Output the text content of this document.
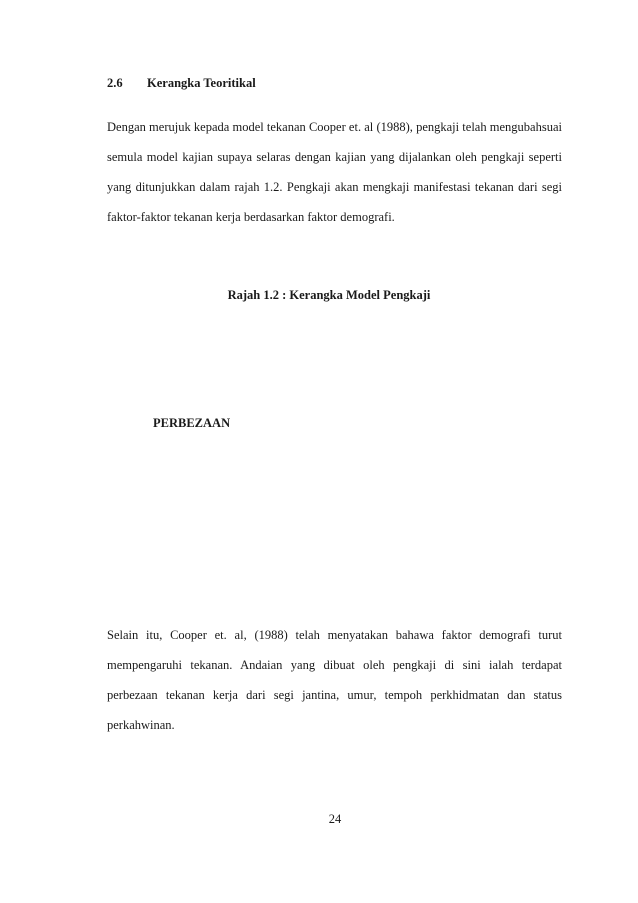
2.6 Kerangka Teoritikal
Dengan merujuk kepada model tekanan Cooper et. al (1988), pengkaji telah mengubahsuai semula model kajian supaya selaras dengan kajian yang dijalankan oleh pengkaji seperti yang ditunjukkan dalam rajah 1.2. Pengkaji akan mengkaji manifestasi tekanan dari segi faktor-faktor tekanan kerja berdasarkan faktor demografi.
Rajah 1.2 : Kerangka Model Pengkaji
PERBEZAAN
Selain itu, Cooper et. al, (1988) telah menyatakan bahawa faktor demografi turut mempengaruhi tekanan. Andaian yang dibuat oleh pengkaji di sini ialah terdapat perbezaan tekanan kerja dari segi jantina, umur, tempoh perkhidmatan dan status perkahwinan.
24
